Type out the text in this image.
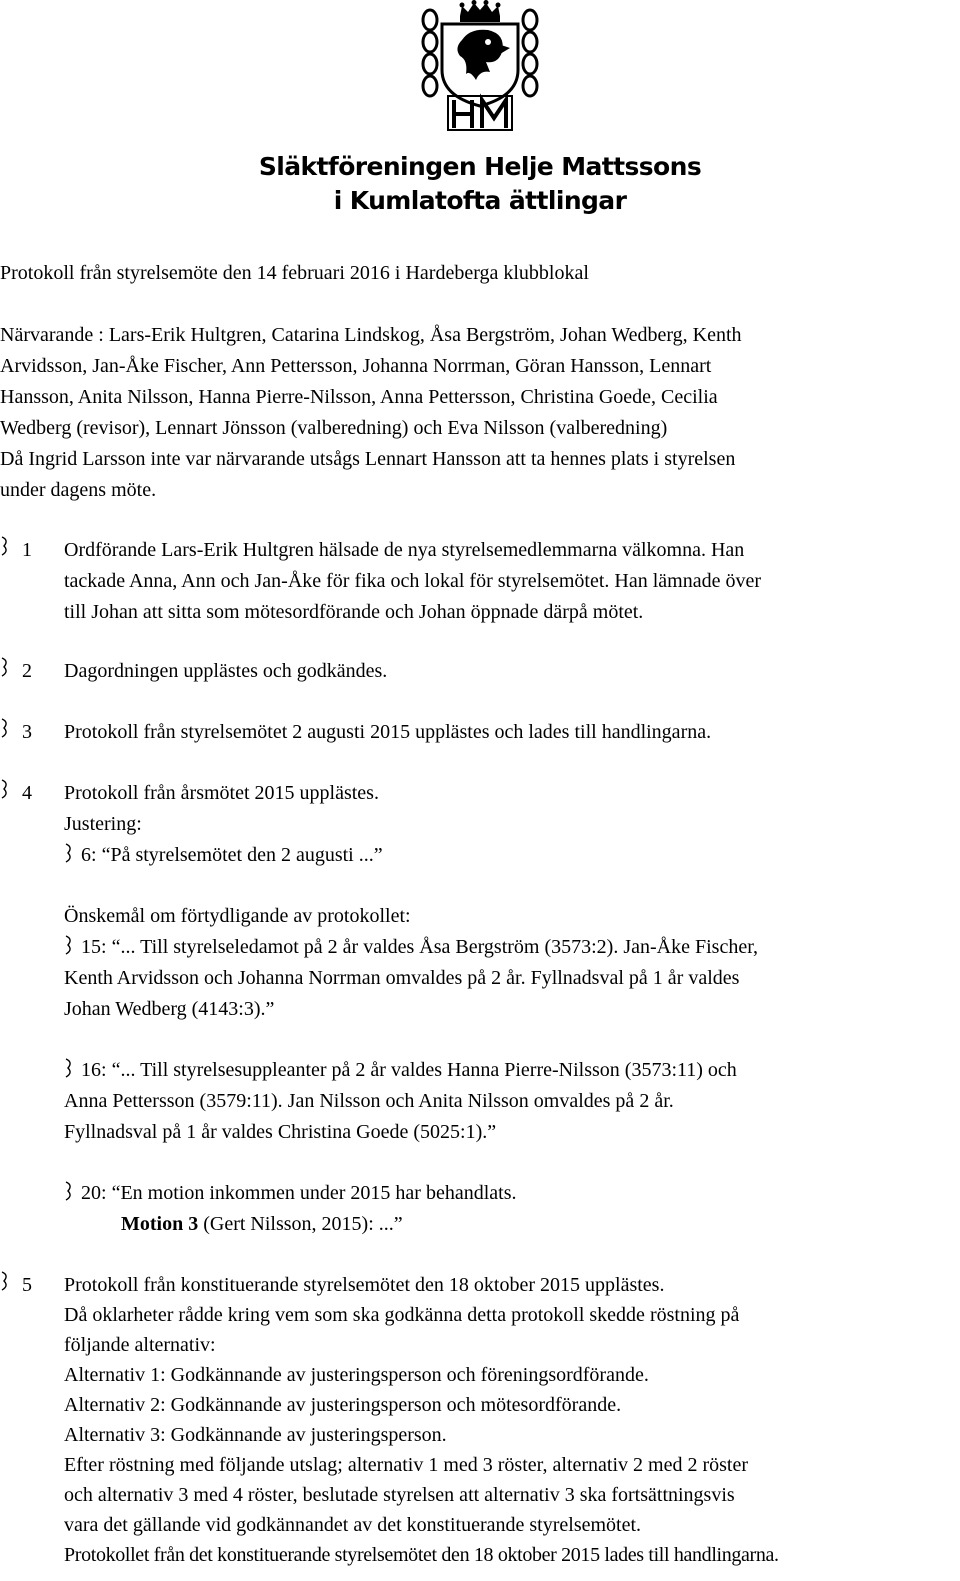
Släktföreningen Helje Mattssons
i Kumlatofta ättlingar
Protokoll från styrelsemöte den 14 februari 2016 i Hardeberga klubblokal
Närvarande : Lars-Erik Hultgren, Catarina Lindskog, Åsa Bergström, Johan Wedberg, Kenth
Arvidsson, Jan-Åke Fischer, Ann Pettersson, Johanna Norrman, Göran Hansson, Lennart
Hansson, Anita Nilsson, Hanna Pierre-Nilsson, Anna Pettersson, Christina Goede, Cecilia
Wedberg (revisor), Lennart Jönsson (valberedning) och Eva Nilsson (valberedning)
Då Ingrid Larsson inte var närvarande utsågs Lennart Hansson att ta hennes plats i styrelsen
under dagens möte.
1 Ordförande Lars-Erik Hultgren hälsade de nya styrelsemedlemmarna välkomna. Han
tackade Anna, Ann och Jan-Åke för fika och lokal för styrelsemötet. Han lämnade över
till Johan att sitta som mötesordförande och Johan öppnade därpå mötet.
2 Dagordningen upplästes och godkändes.
3 Protokoll från styrelsemötet 2 augusti 2015 upplästes och lades till handlingarna.
4 Protokoll från årsmötet 2015 upplästes.
Justering:
6: “På styrelsemötet den 2 augusti ...”
Önskemål om förtydligande av protokollet:
15: “... Till styrelseledamot på 2 år valdes Åsa Bergström (3573:2). Jan-Åke Fischer,
Kenth Arvidsson och Johanna Norrman omvaldes på 2 år. Fyllnadsval på 1 år valdes
Johan Wedberg (4143:3).”
16: “... Till styrelsesuppleanter på 2 år valdes Hanna Pierre-Nilsson (3573:11) och
Anna Pettersson (3579:11). Jan Nilsson och Anita Nilsson omvaldes på 2 år.
Fyllnadsval på 1 år valdes Christina Goede (5025:1).”
20: “En motion inkommen under 2015 har behandlats.
Motion 3 (Gert Nilsson, 2015): ...”
5 Protokoll från konstituerande styrelsemötet den 18 oktober 2015 upplästes.
Då oklarheter rådde kring vem som ska godkänna detta protokoll skedde röstning på
följande alternativ:
Alternativ 1: Godkännande av justeringsperson och föreningsordförande.
Alternativ 2: Godkännande av justeringsperson och mötesordförande.
Alternativ 3: Godkännande av justeringsperson.
Efter röstning med följande utslag; alternativ 1 med 3 röster, alternativ 2 med 2 röster
och alternativ 3 med 4 röster, beslutade styrelsen att alternativ 3 ska fortsättningsvis
vara det gällande vid godkännandet av det konstituerande styrelsemötet.
Protokollet från det konstituerande styrelsemötet den 18 oktober 2015 lades till handlingarna.
